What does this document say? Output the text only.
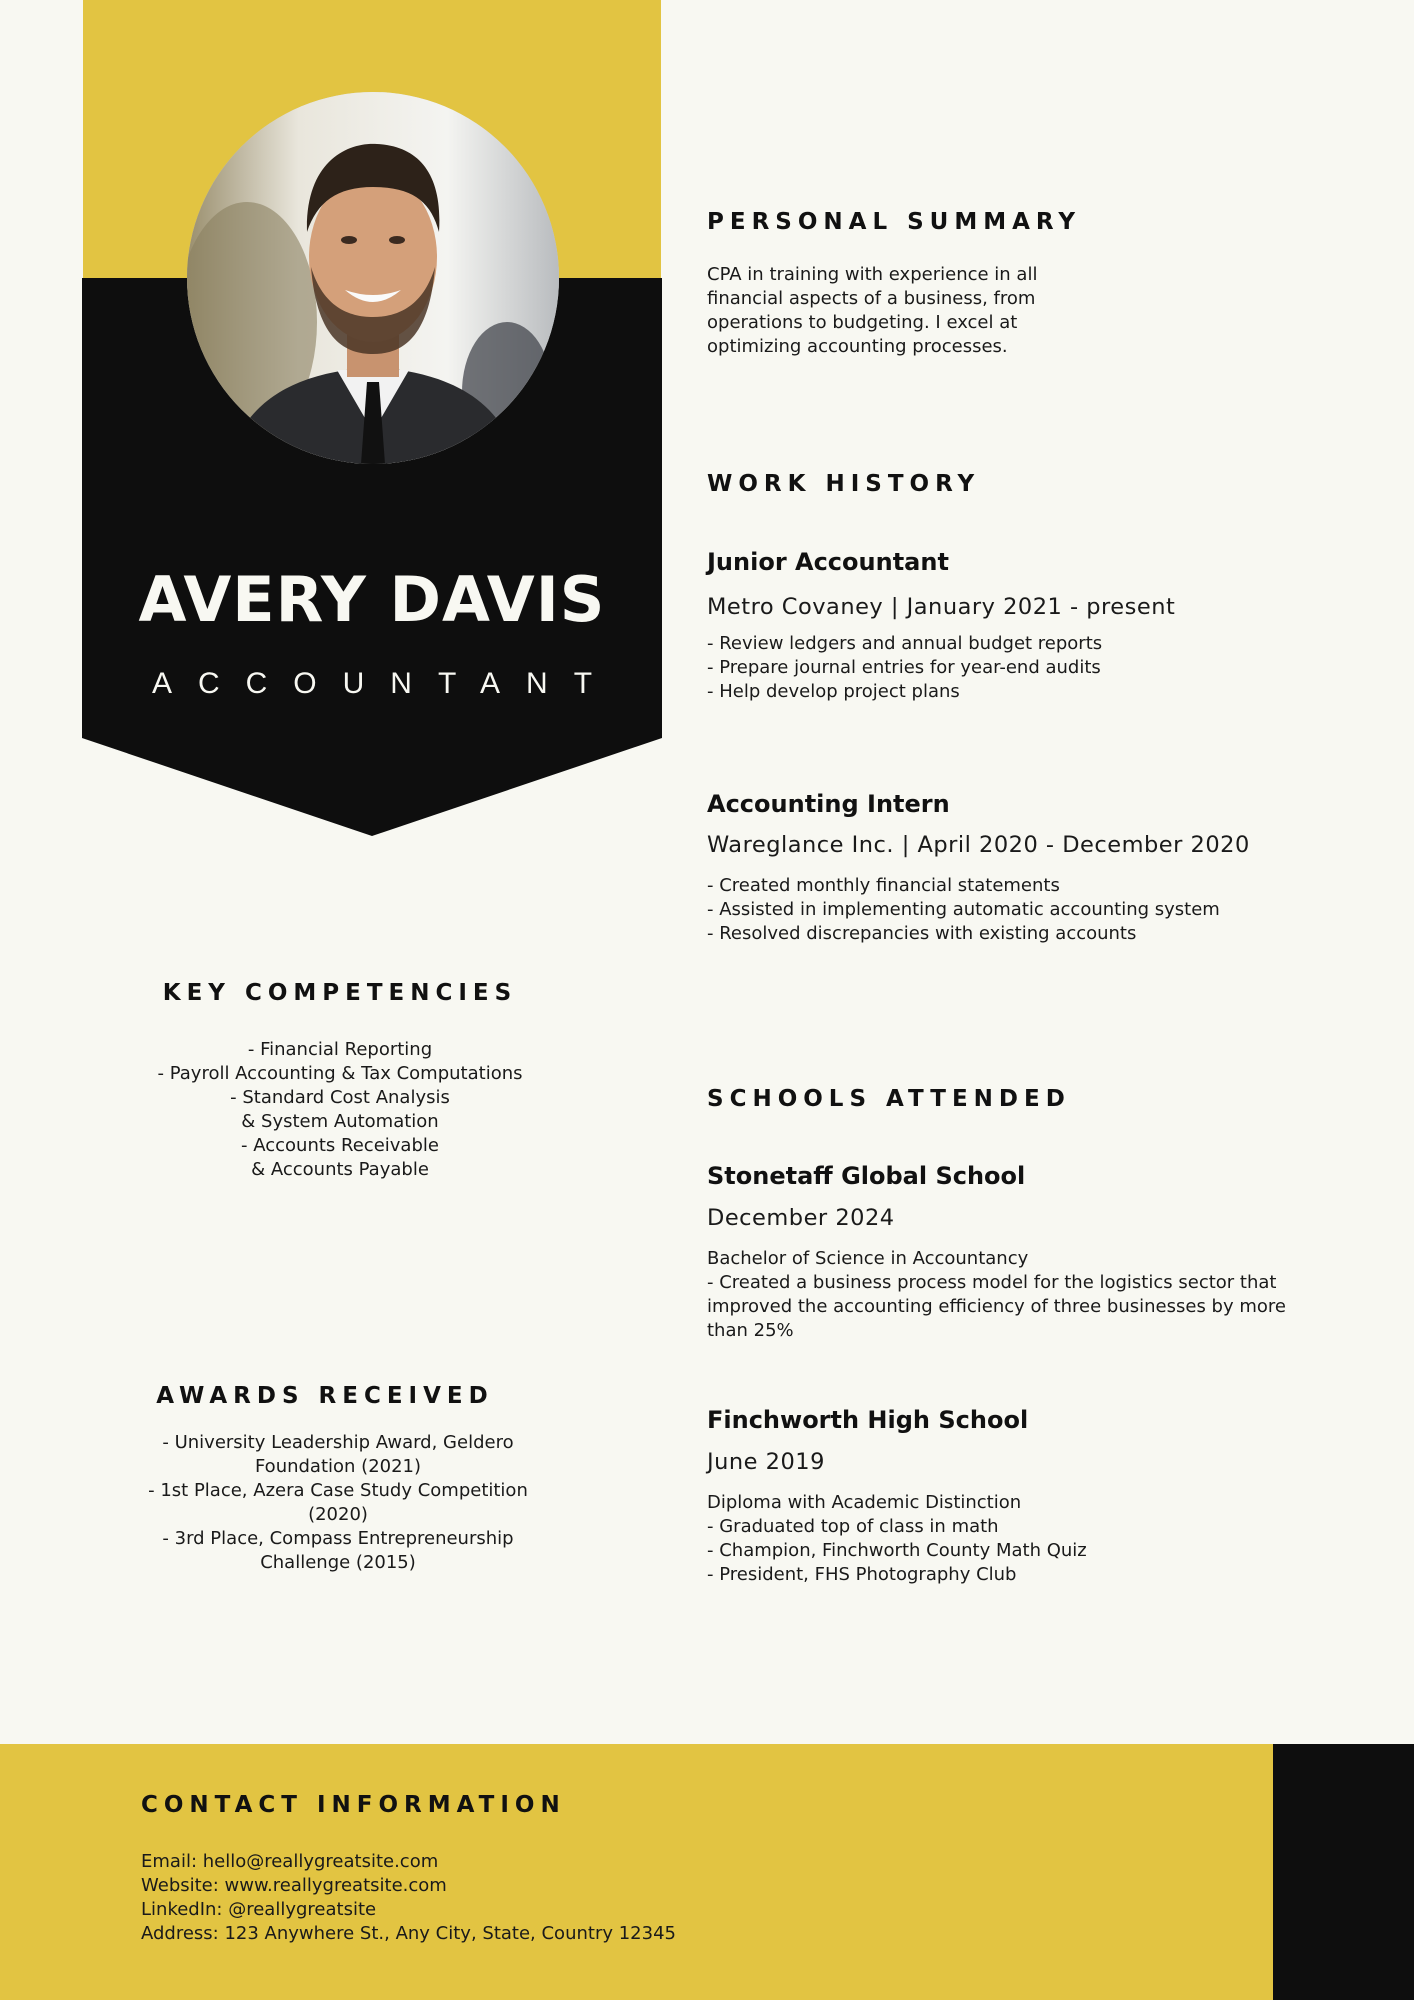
AVERY DAVIS
ACCOUNTANT
PERSONAL SUMMARY
CPA in training with experience in all
financial aspects of a business, from
operations to budgeting. I excel at
optimizing accounting processes.
WORK HISTORY
Junior Accountant
Metro Covaney | January 2021 - present
- Review ledgers and annual budget reports
- Prepare journal entries for year-end audits
- Help develop project plans
Accounting Intern
Wareglance Inc. | April 2020 - December 2020
- Created monthly financial statements
- Assisted in implementing automatic accounting system
- Resolved discrepancies with existing accounts
KEY COMPETENCIES
- Financial Reporting
- Payroll Accounting & Tax Computations
- Standard Cost Analysis
& System Automation
- Accounts Receivable
& Accounts Payable
AWARDS RECEIVED
- University Leadership Award, Geldero
Foundation (2021)
- 1st Place, Azera Case Study Competition
(2020)
- 3rd Place, Compass Entrepreneurship
Challenge (2015)
SCHOOLS ATTENDED
Stonetaff Global School
December 2024
Bachelor of Science in Accountancy
- Created a business process model for the logistics sector that
improved the accounting efficiency of three businesses by more
than 25%
Finchworth High School
June 2019
Diploma with Academic Distinction
- Graduated top of class in math
- Champion, Finchworth County Math Quiz
- President, FHS Photography Club
CONTACT INFORMATION
Email: hello@reallygreatsite.com
Website: www.reallygreatsite.com
LinkedIn: @reallygreatsite
Address: 123 Anywhere St., Any City, State, Country 12345
